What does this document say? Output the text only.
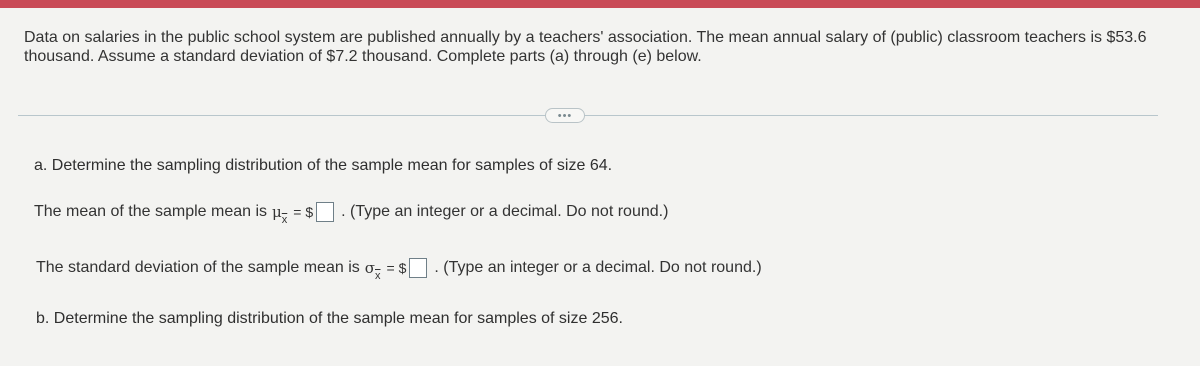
Data on salaries in the public school system are published annually by a teachers' association. The mean annual salary of (public) classroom teachers is $53.6 thousand. Assume a standard deviation of $7.2 thousand. Complete parts (a) through (e) below.
•••
a. Determine the sampling distribution of the sample mean for samples of size 64.
The mean of the sample mean is $\mu_{\overline{x}}$ = $ . (Type an integer or a decimal. Do not round.)
The standard deviation of the sample mean is $\sigma_{\overline{x}}$ = $ . (Type an integer or a decimal. Do not round.)
b. Determine the sampling distribution of the sample mean for samples of size 256.
